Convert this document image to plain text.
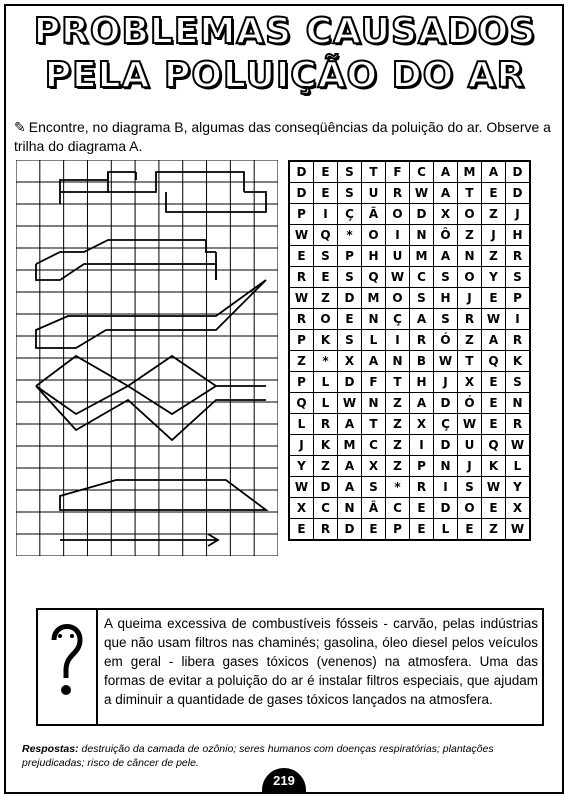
PROBLEMAS CAUSADOS
PELA POLUIÇÃO DO AR
✎ Encontre, no diagrama B, algumas das conseqüências da poluição do ar. Observe a trilha do diagrama A.
D	E	S	T	F	C	A	M	A	D
D	E	S	U	R	W	A	T	E	D
P	I	Ç	Ã	O	D	X	O	Z	J
W	Q	*	O	I	N	Ô	Z	J	H
E	S	P	H	U	M	A	N	Z	R
R	E	S	Q	W	C	S	O	Y	S
W	Z	D	M	O	S	H	J	E	P
R	O	E	N	Ç	A	S	R	W	I
P	K	S	L	I	R	Ó	Z	A	R
Z	*	X	A	N	B	W	T	Q	K
P	L	D	F	T	H	J	X	E	S
Q	L	W	N	Z	A	D	Ó	E	N
L	R	A	T	Z	X	Ç	W	E	R
J	K	M	C	Z	I	D	U	Q	W
Y	Z	A	X	Z	P	N	J	K	L
W	D	A	S	*	R	I	S	W	Y
X	C	N	Â	C	E	D	O	E	X
E	R	D	E	P	E	L	E	Z	W
A queima excessiva de combustíveis fósseis - carvão, pelas indústrias que não usam filtros nas chaminés; gasolina, óleo diesel pelos veículos em geral - libera gases tóxicos (venenos) na atmosfera. Uma das formas de evitar a poluição do ar é instalar filtros especiais, que ajudam a diminuir a quantidade de gases tóxicos lançados na atmosfera.
Respostas: destruição da camada de ozônio; seres humanos com doenças respiratórias; plantações prejudicadas; risco de câncer de pele.
219
